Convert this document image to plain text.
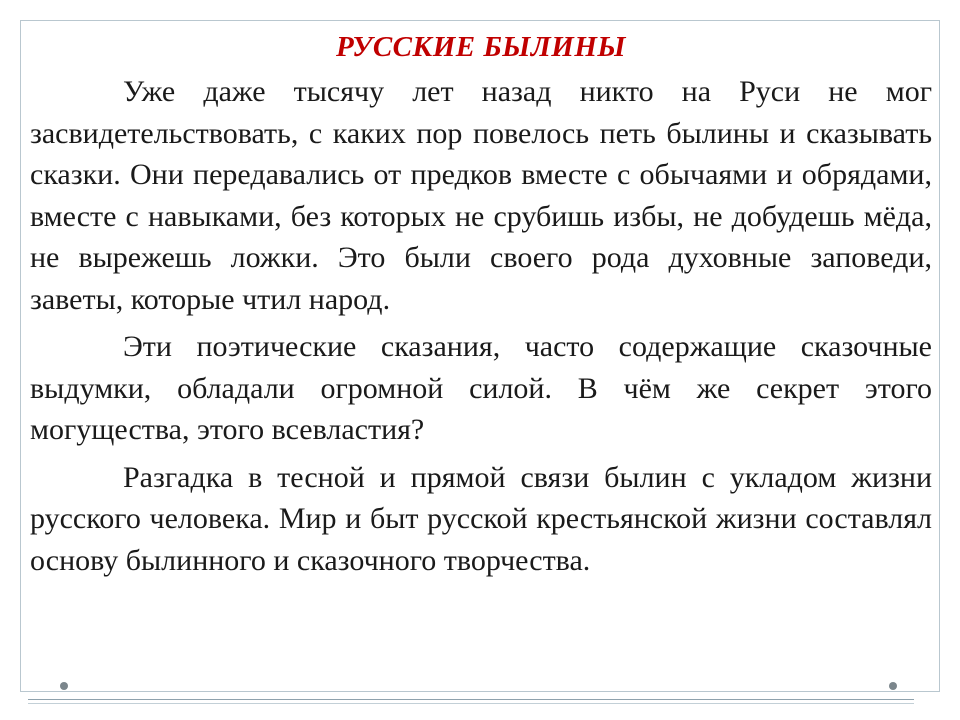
РУССКИЕ БЫЛИНЫ

Уже даже тысячу лет назад никто на Руси не мог засвидетельствовать, с каких пор повелось петь былины и сказывать сказки. Они передавались от предков вместе с обычаями и обрядами, вместе с навыками, без которых не срубишь избы, не добудешь мёда, не вырежешь ложки. Это были своего рода духовные заповеди, заветы, которые чтил народ.

Эти поэтические сказания, часто содержащие сказочные выдумки, обладали огромной силой. В чём же секрет этого могущества, этого всевластия?

Разгадка в тесной и прямой связи былин с укладом жизни русского человека. Мир и быт русской крестьянской жизни составлял основу былинного и сказочного творчества.
